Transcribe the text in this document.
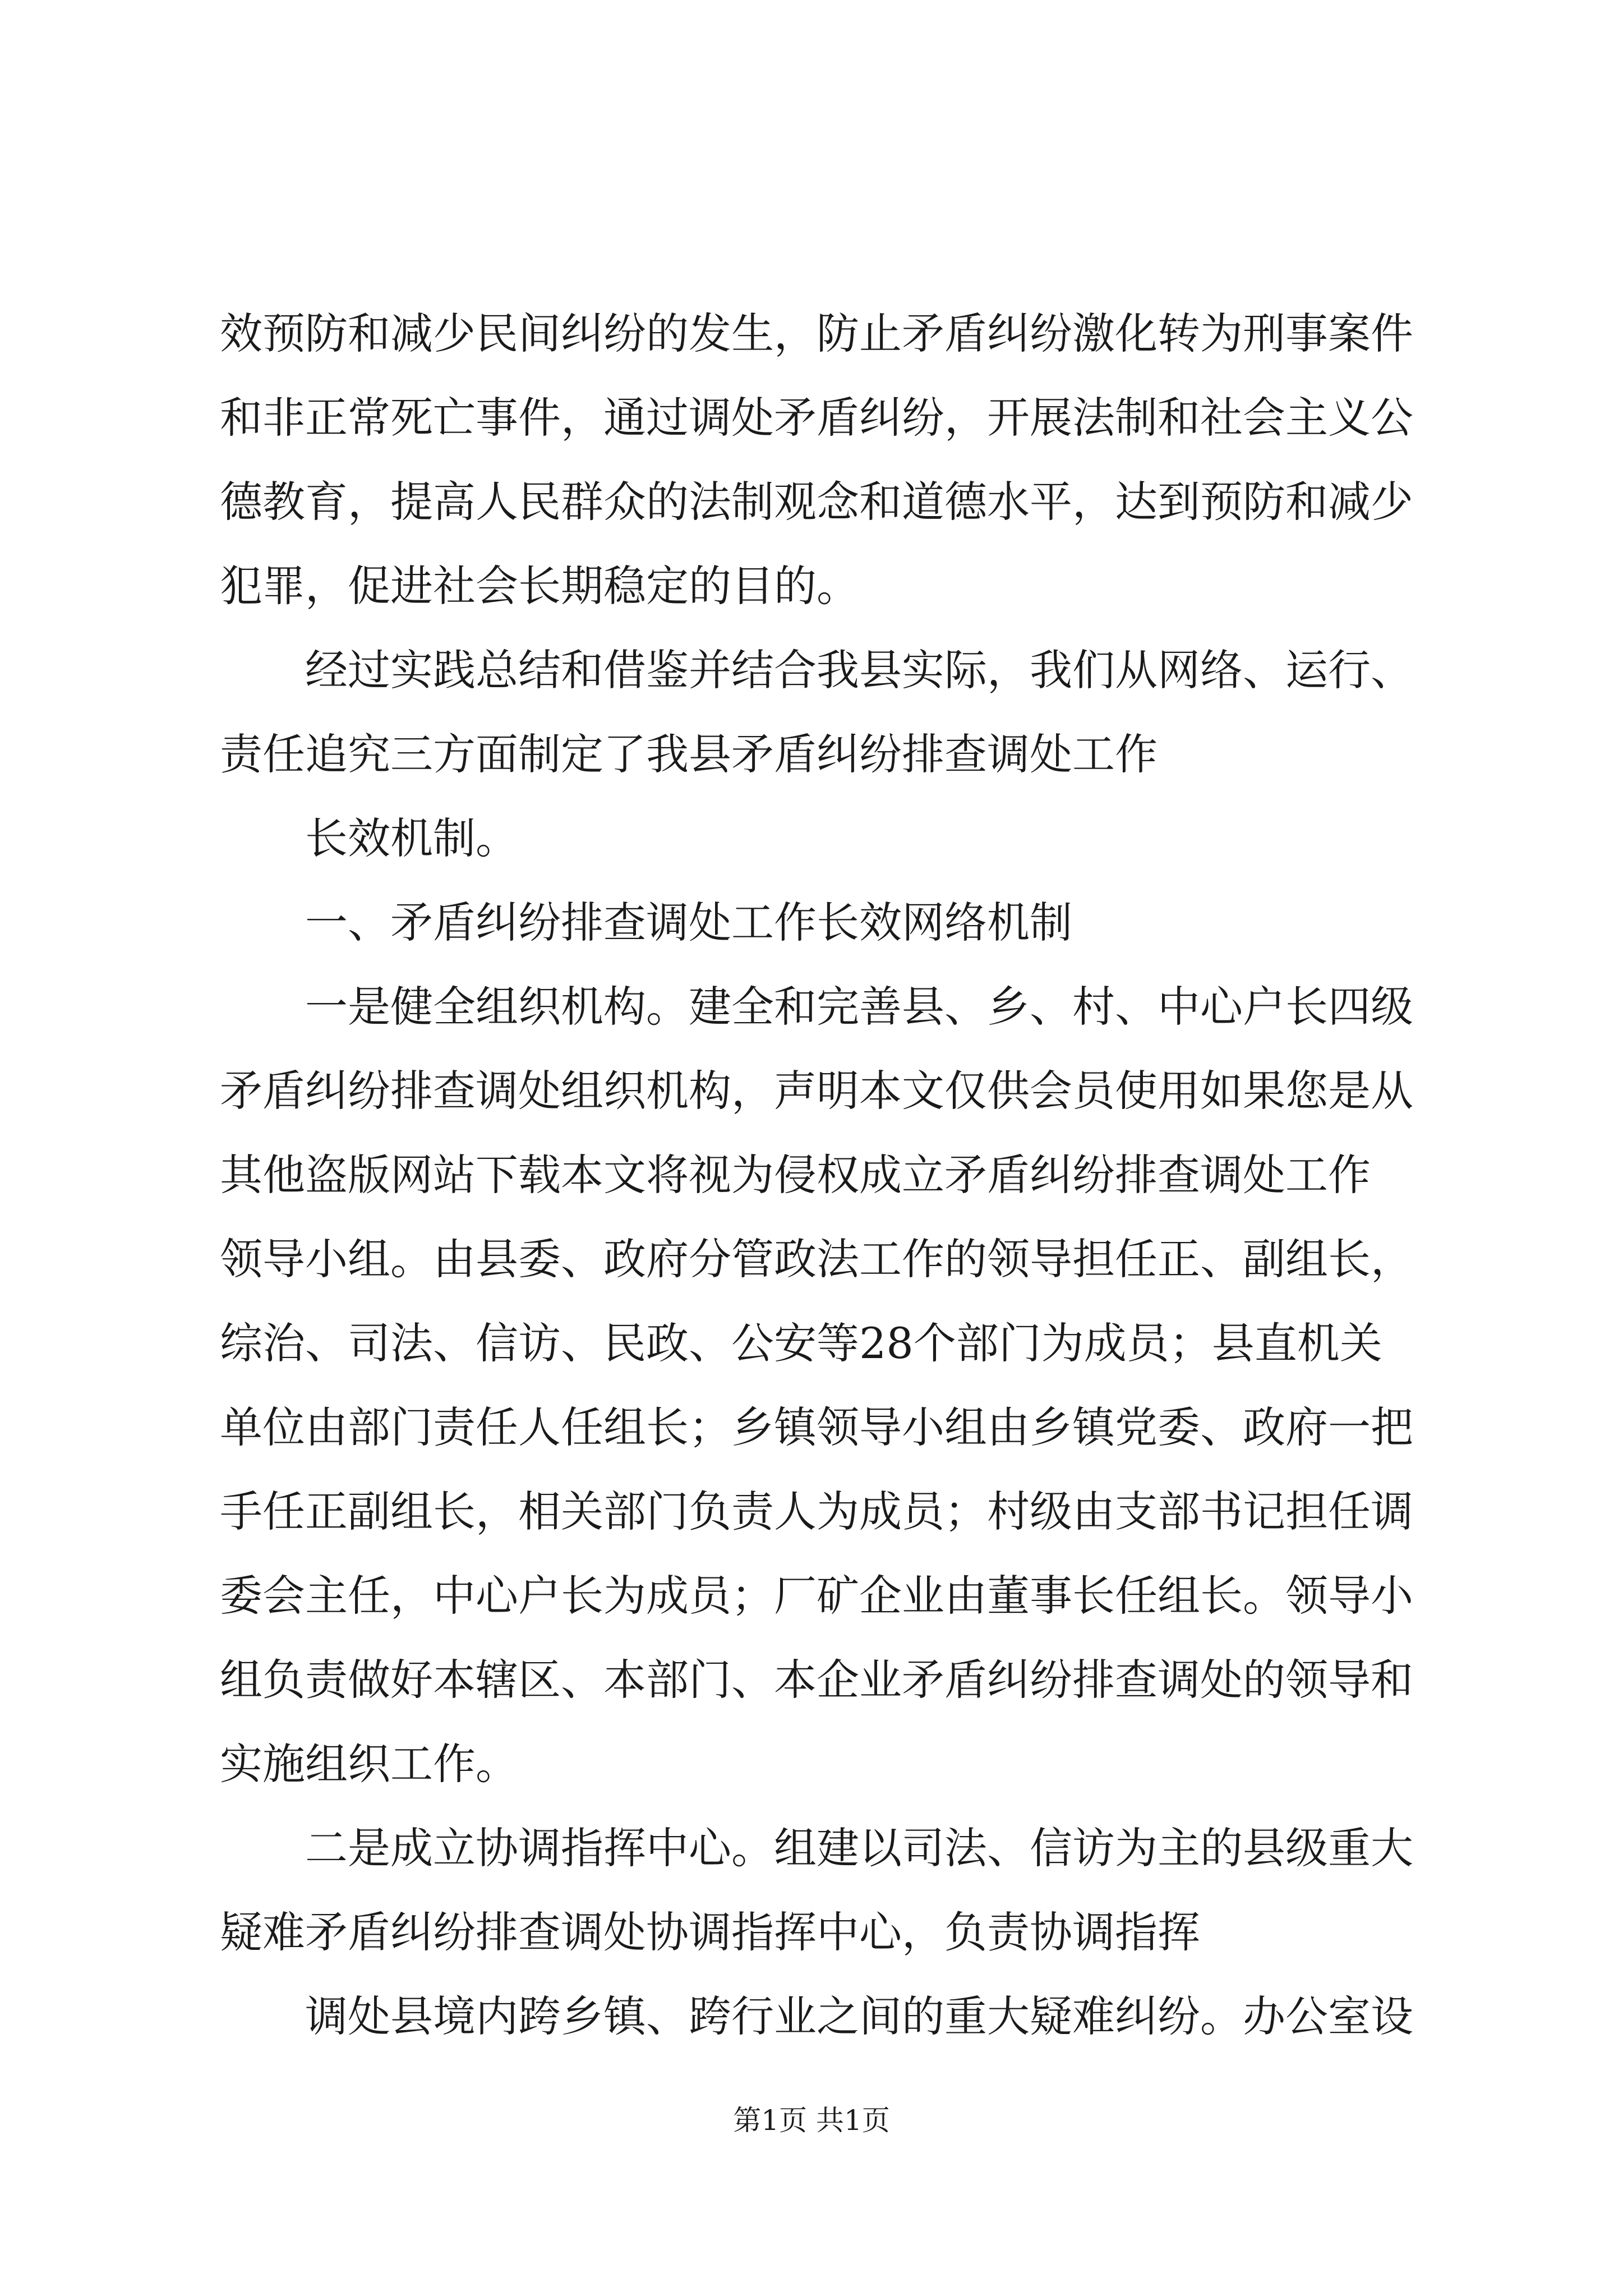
效预防和减少民间纠纷的发生，防止矛盾纠纷激化转为刑事案件
和非正常死亡事件，通过调处矛盾纠纷，开展法制和社会主义公
德教育，提高人民群众的法制观念和道德水平，达到预防和减少
犯罪，促进社会长期稳定的目的。
经过实践总结和借鉴并结合我县实际，我们从网络、运行、
责任追究三方面制定了我县矛盾纠纷排查调处工作
长效机制。
一、矛盾纠纷排查调处工作长效网络机制
一是健全组织机构。建全和完善县、乡、村、中心户长四级
矛盾纠纷排查调处组织机构，声明本文仅供会员使用如果您是从
其他盗版网站下载本文将视为侵权成立矛盾纠纷排查调处工作
领导小组。由县委、政府分管政法工作的领导担任正、副组长，
综治、司法、信访、民政、公安等28个部门为成员；县直机关
单位由部门责任人任组长；乡镇领导小组由乡镇党委、政府一把
手任正副组长，相关部门负责人为成员；村级由支部书记担任调
委会主任，中心户长为成员；厂矿企业由董事长任组长。领导小
组负责做好本辖区、本部门、本企业矛盾纠纷排查调处的领导和
实施组织工作。
二是成立协调指挥中心。组建以司法、信访为主的县级重大
疑难矛盾纠纷排查调处协调指挥中心，负责协调指挥
调处县境内跨乡镇、跨行业之间的重大疑难纠纷。办公室设
第1页 共1页
